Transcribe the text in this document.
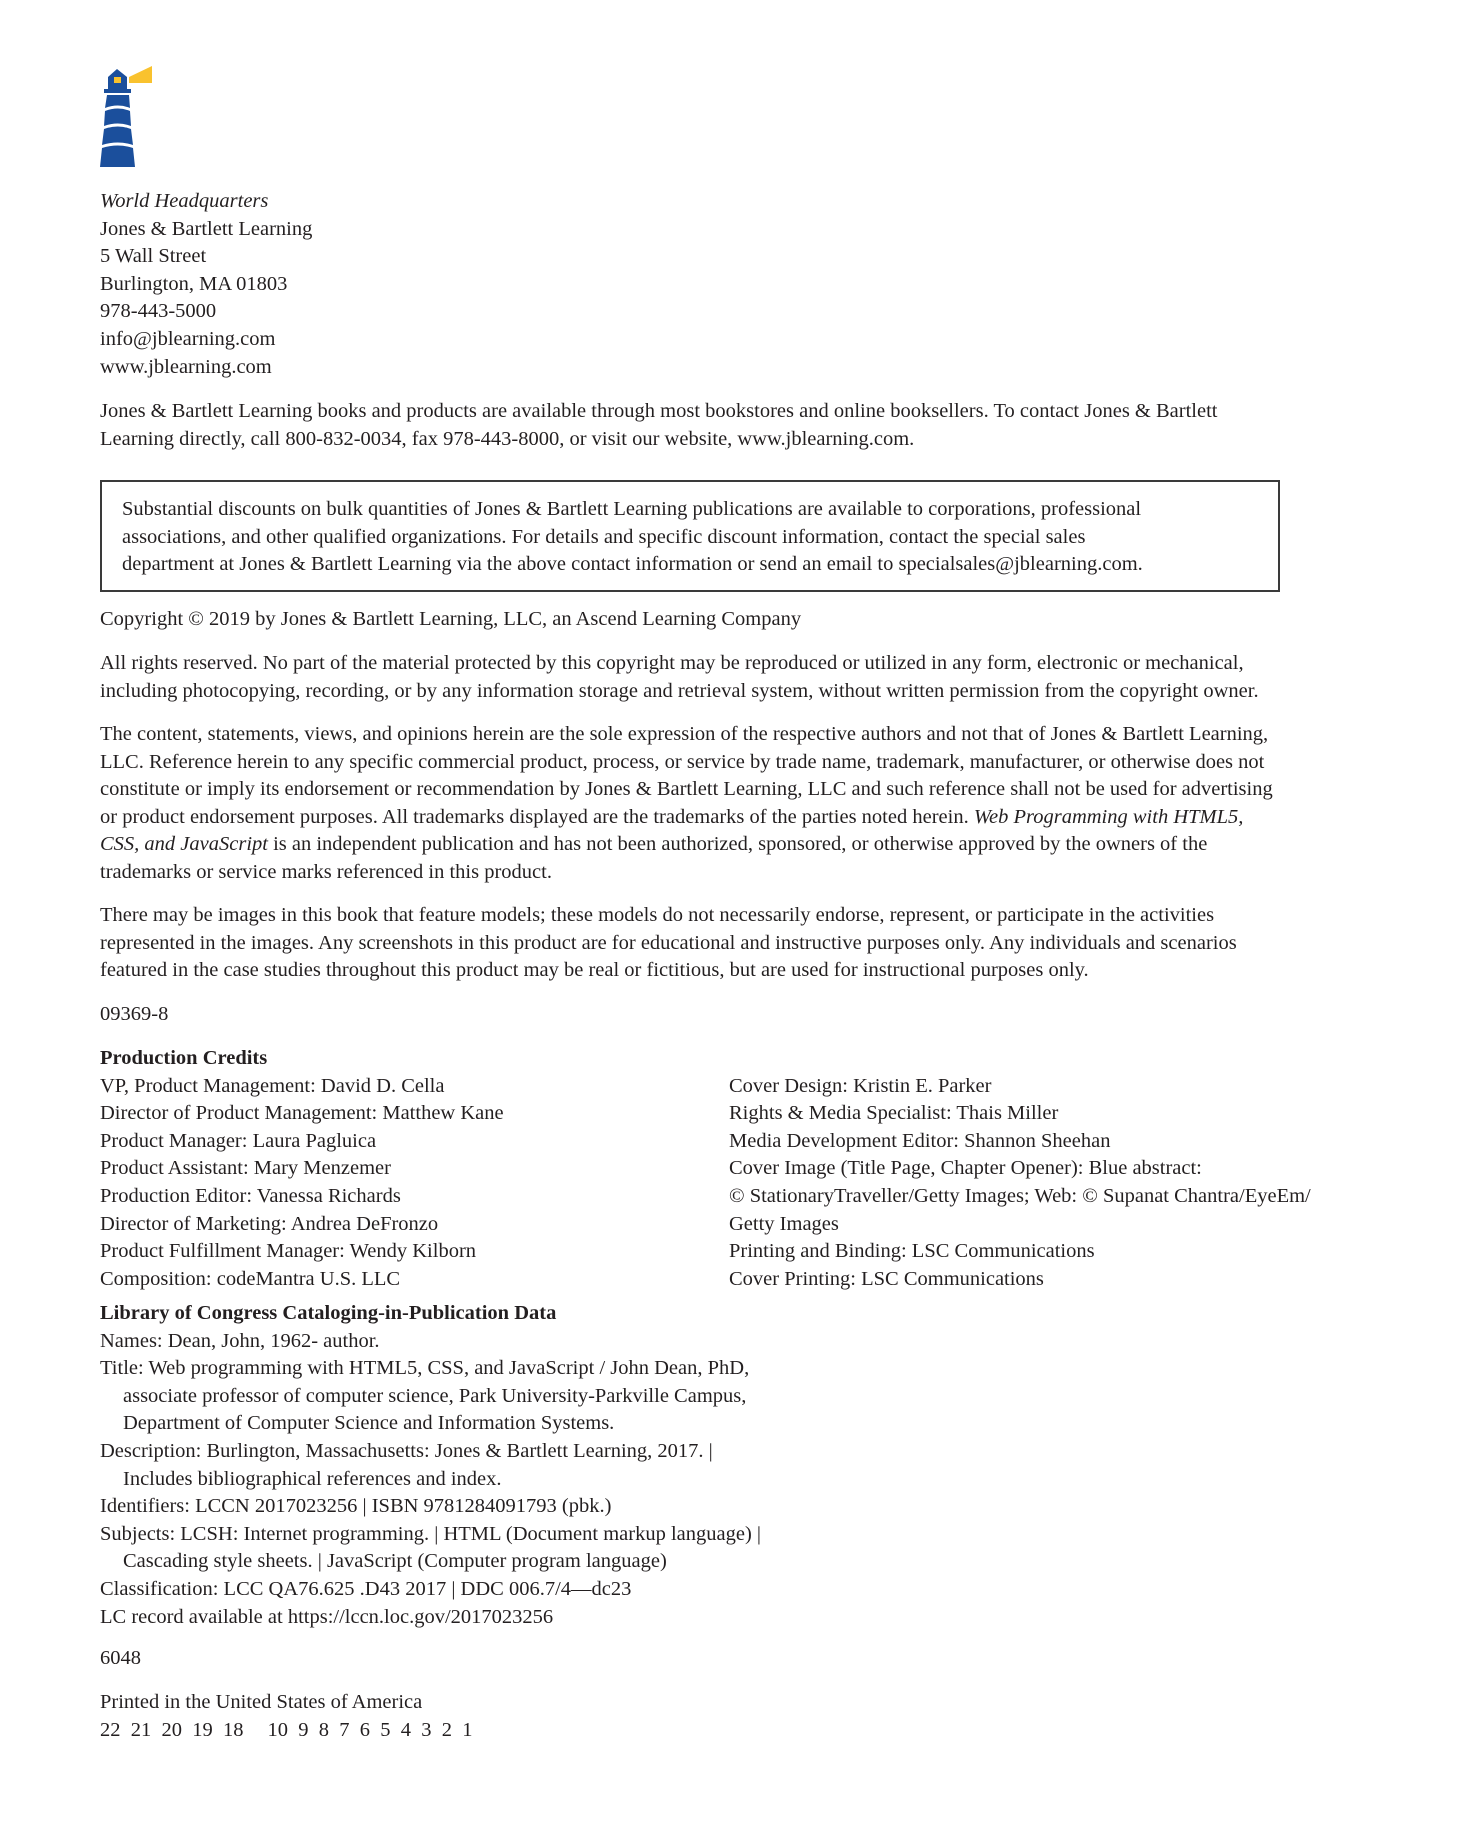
World Headquarters
Jones & Bartlett Learning
5 Wall Street
Burlington, MA 01803
978-443-5000
info@jblearning.com
www.jblearning.com
Jones & Bartlett Learning books and products are available through most bookstores and online booksellers. To contact Jones & Bartlett
Learning directly, call 800-832-0034, fax 978-443-8000, or visit our website, www.jblearning.com.
Substantial discounts on bulk quantities of Jones & Bartlett Learning publications are available to corporations, professional
associations, and other qualified organizations. For details and specific discount information, contact the special sales
department at Jones & Bartlett Learning via the above contact information or send an email to specialsales@jblearning.com.
Copyright © 2019 by Jones & Bartlett Learning, LLC, an Ascend Learning Company
All rights reserved. No part of the material protected by this copyright may be reproduced or utilized in any form, electronic or mechanical,
including photocopying, recording, or by any information storage and retrieval system, without written permission from the copyright owner.
The content, statements, views, and opinions herein are the sole expression of the respective authors and not that of Jones & Bartlett Learning,
LLC. Reference herein to any specific commercial product, process, or service by trade name, trademark, manufacturer, or otherwise does not
constitute or imply its endorsement or recommendation by Jones & Bartlett Learning, LLC and such reference shall not be used for advertising
or product endorsement purposes. All trademarks displayed are the trademarks of the parties noted herein. Web Programming with HTML5,
CSS, and JavaScript is an independent publication and has not been authorized, sponsored, or otherwise approved by the owners of the
trademarks or service marks referenced in this product.
There may be images in this book that feature models; these models do not necessarily endorse, represent, or participate in the activities
represented in the images. Any screenshots in this product are for educational and instructive purposes only. Any individuals and scenarios
featured in the case studies throughout this product may be real or fictitious, but are used for instructional purposes only.
09369-8
Production Credits
VP, Product Management: David D. Cella
Director of Product Management: Matthew Kane
Product Manager: Laura Pagluica
Product Assistant: Mary Menzemer
Production Editor: Vanessa Richards
Director of Marketing: Andrea DeFronzo
Product Fulfillment Manager: Wendy Kilborn
Composition: codeMantra U.S. LLC
Cover Design: Kristin E. Parker
Rights & Media Specialist: Thais Miller
Media Development Editor: Shannon Sheehan
Cover Image (Title Page, Chapter Opener): Blue abstract:
© StationaryTraveller/Getty Images; Web: © Supanat Chantra/EyeEm/
Getty Images
Printing and Binding: LSC Communications
Cover Printing: LSC Communications
Library of Congress Cataloging-in-Publication Data
Names: Dean, John, 1962- author.
Title: Web programming with HTML5, CSS, and JavaScript / John Dean, PhD,
associate professor of computer science, Park University-Parkville Campus,
Department of Computer Science and Information Systems.
Description: Burlington, Massachusetts: Jones & Bartlett Learning, 2017. |
Includes bibliographical references and index.
Identifiers: LCCN 2017023256 | ISBN 9781284091793 (pbk.)
Subjects: LCSH: Internet programming. | HTML (Document markup language) |
Cascading style sheets. | JavaScript (Computer program language)
Classification: LCC QA76.625 .D43 2017 | DDC 006.7/4—dc23
LC record available at https://lccn.loc.gov/2017023256
6048
Printed in the United States of America
22  21  20  19  18 10  9  8  7  6  5  4  3  2  1
